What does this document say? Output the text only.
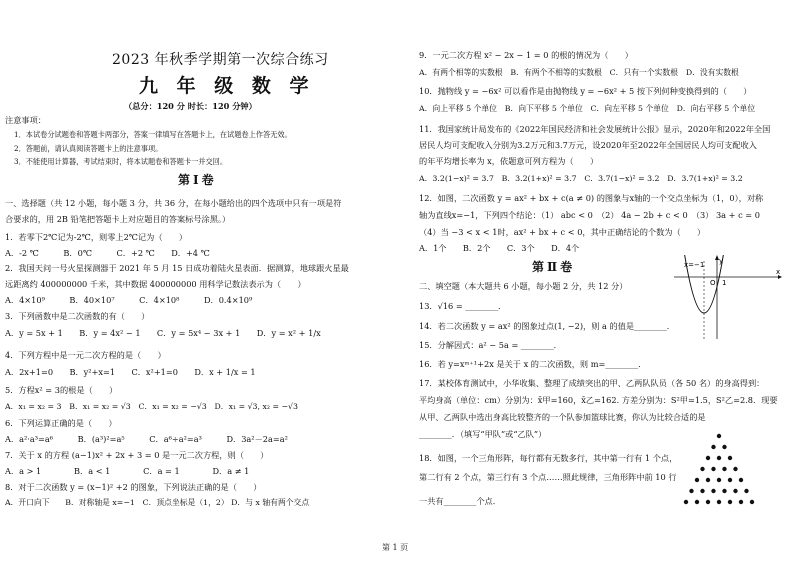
2023 年秋季学期第一次综合练习
九 年 级 数 学
（总分：120 分 时长：120 分钟）
注意事项：
1．本试卷分试题卷和答题卡两部分，答案一律填写在答题卡上，在试题卷上作答无效。
2．答题前，请认真阅读答题卡上的注意事项。
3．不能使用计算器，考试结束时，将本试题卷和答题卡一并交回。
第Ⅰ卷
一、选择题（共 12 小题，每小题 3 分，共 36 分，在每小题给出的四个选项中只有一项是符
合要求的，用 2B 铅笔把答题卡上对应题目的答案标号涂黑。）
1．若零下2℃记为-2℃，则零上2℃记为（　　）
A．-2 ℃　　　B．0℃　　　C．+2 ℃　　D．+4 ℃
2．我国天问一号火星探测器于 2021 年 5 月 15 日成功着陆火星表面．据测算，地球跟火星最
远距离约 400000000 千米，其中数据 400000000 用科学记数法表示为（　　）
A．4×10⁹　　　B．40×10⁷　　　C．4×10⁸　　　D．0.4×10⁹
3．下列函数中是二次函数的有（　　）
A．y = 5x + 1　　B．y = 4x² − 1　　C．y = 5x⁴ − 3x + 1　　D．y = x² + 1/x
4．下列方程中是一元二次方程的是（　　）
A．2x+1=0　　B．y²+x=1　　C．x²+1=0　　D．x + 1/x = 1
5．方程x² = 3的根是（　　）
A．x₁ = x₂ = 3　B．x₁ = x₂ = √3　C．x₁ = x₂ = −√3　D．x₁ = √3, x₂ = −√3
6．下列运算正确的是（　　）
A．a²·a³=a⁶　　　B．(a³)²=a⁵　　　C．a⁶÷a²=a³　　　D．3a²－2a=a²
7．关于 x 的方程 (a−1)x² + 2x + 3 = 0 是一元二次方程，则（　　）
A．a > 1　　　　B．a < 1　　　　C．a = 1　　　　D．a ≠ 1
8．对于二次函数 y = (x−1)² +2 的图象，下列说法正确的是（　　）
A．开口向下　　B．对称轴是 x=−1　C．顶点坐标是（1，2） D．与 x 轴有两个交点
9．一元二次方程 x² − 2x − 1 = 0 的根的情况为（　　）
A．有两个相等的实数根　B．有两个不相等的实数根　C．只有一个实数根　D．没有实数根
10．抛物线 y = −6x² 可以看作是由抛物线 y = −6x² + 5 按下列何种变换得到的（　　）
A．向上平移 5 个单位　B．向下平移 5 个单位　C．向左平移 5 个单位　D．向右平移 5 个单位
11．我国家统计局发布的《2022年国民经济和社会发展统计公报》显示，2020年和2022年全国
居民人均可支配收入分别为3.2万元和3.7万元，设2020年至2022年全国居民人均可支配收入
的年平均增长率为 x，依题意可列方程为（　　）
A．3.2(1−x)² = 3.7　B．3.2(1+x)² = 3.7　C．3.7(1−x)² = 3.2　D．3.7(1+x)² = 3.2
12．如图，二次函数 y = ax² + bx + c(a ≠ 0) 的图象与x轴的一个交点坐标为（1，0），对称
轴为直线x=−1，下列四个结论：（1） abc < 0　（2） 4a − 2b + c < 0　（3） 3a + c = 0
（4）当 −3 < x < 1时，ax² + bx + c < 0，其中正确结论的个数为（　　）
A．1个　　B．2个　　C．3个　　D．4个
第Ⅱ卷
二、填空题（本大题共 6 小题，每小题 2 分，共 12 分）
13．√16 = ________．
14．若二次函数 y = ax² 的图象过点(1, −2)，则 a 的值是________．
15．分解因式：a² − 5a = ________．
16．若 y=xᵐ⁺¹+2x 是关于 x 的二次函数，则 m=________．
17．某校体育测试中，小华收集、整理了成绩突出的甲、乙两队队员（各 50 名）的身高得到：
平均身高（单位：cm）分别为：x̄甲=160，x̄乙=162. 方差分别为：S²甲=1.5，S²乙=2.8．现要
从甲、乙两队中选出身高比较整齐的一个队参加篮球比赛，你认为比较合适的是
________．（填写“甲队”或“乙队”）
18．如图，一个三角形阵，每行都有无数多行，其中第一行有 1 个点，
第二行有 2 个点，第三行有 3 个点……照此规律，三角形阵中前 10 行
一共有________个点．
x
y
O 1
x=−1
第 1 页
